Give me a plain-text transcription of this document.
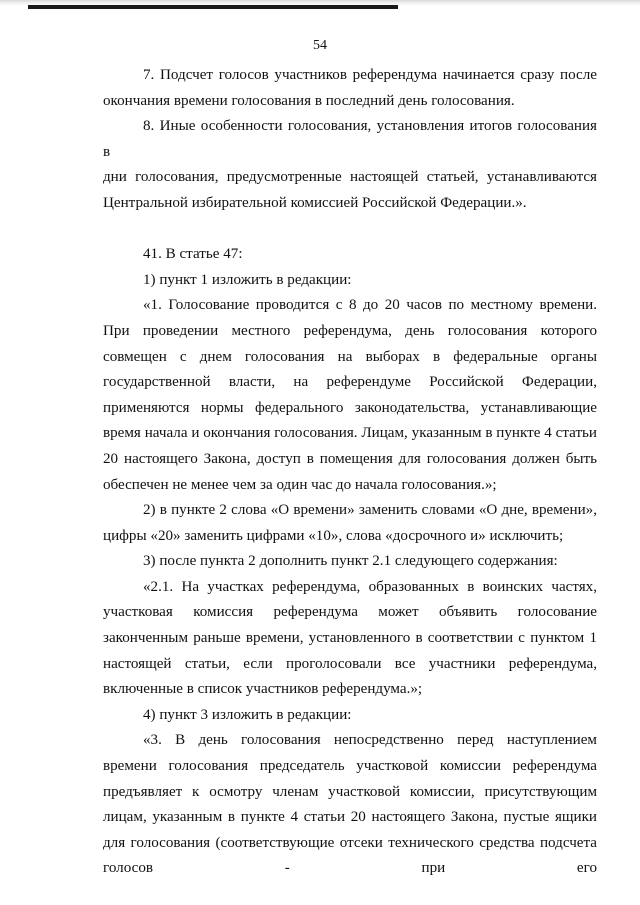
54

7. Подсчет голосов участников референдума начинается сразу после

окончания времени голосования в последний день голосования.

8. Иные особенности голосования, установления итогов голосования в

дни голосования, предусмотренные настоящей статьей, устанавливаются Центральной избирательной комиссией Российской Федерации.».

41. В статье 47:

1) пункт 1 изложить в редакции:

«1. Голосование проводится с 8 до 20 часов по местному времени. При проведении местного референдума, день голосования которого совмещен с днем голосования на выборах в федеральные органы государственной власти, на референдуме Российской Федерации, применяются нормы федерального законодательства, устанавливающие время начала и окончания голосования. Лицам, указанным в пункте 4 статьи 20 настоящего Закона, доступ в помещения для голосования должен быть обеспечен не менее чем за один час до начала голосования.»;

2) в пункте 2 слова «О времени» заменить словами «О дне, времени», цифры «20» заменить цифрами «10», слова «досрочного и» исключить;

3) после пункта 2 дополнить пункт 2.1 следующего содержания:

«2.1. На участках референдума, образованных в воинских частях, участковая комиссия референдума может объявить голосование законченным раньше времени, установленного в соответствии с пунктом 1 настоящей статьи, если проголосовали все участники референдума, включенные в список участников референдума.»;

4) пункт 3 изложить в редакции:

«3. В день голосования непосредственно перед наступлением времени голосования председатель участковой комиссии референдума предъявляет к осмотру членам участковой комиссии, присутствующим лицам, указанным в пункте 4 статьи 20 настоящего Закона, пустые ящики для голосования (соответствующие отсеки технического средства подсчета голосов - при его
